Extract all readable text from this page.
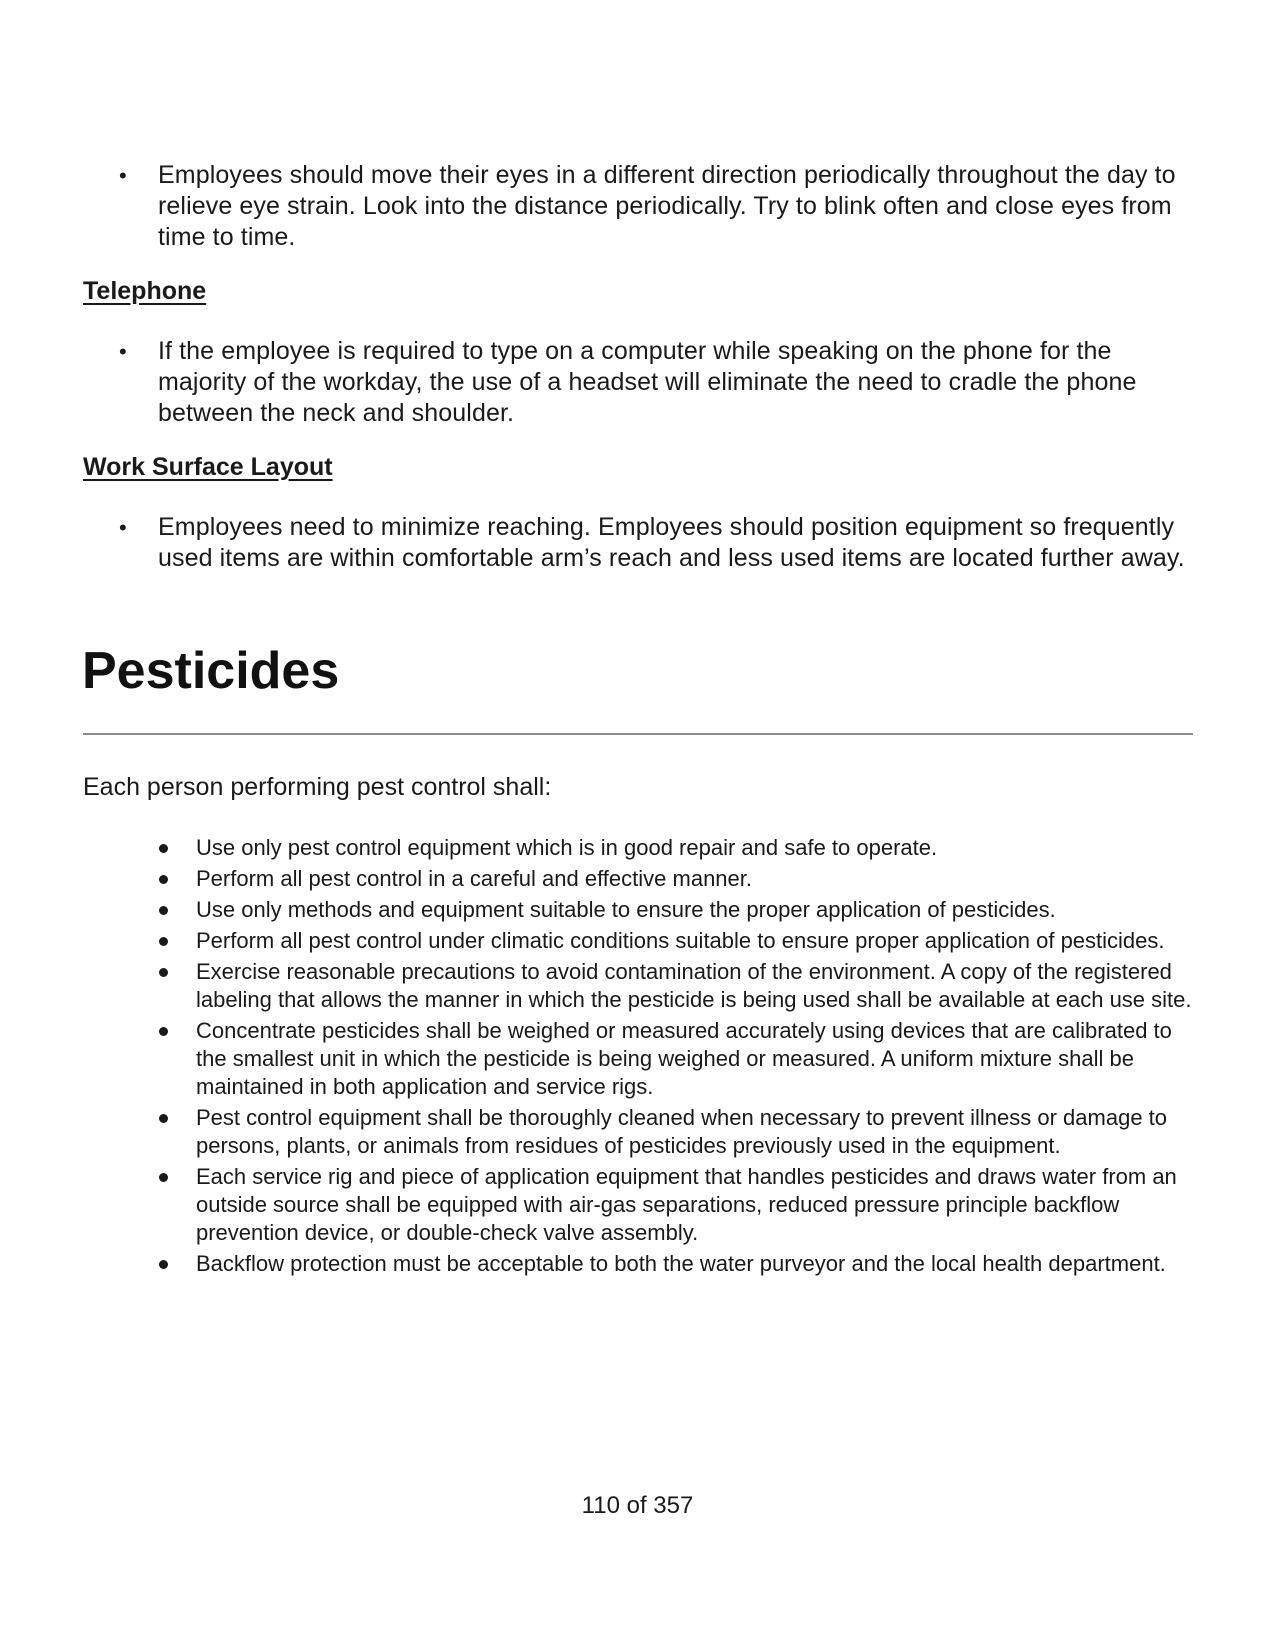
• Employees should move their eyes in a different direction periodically throughout the day to relieve eye strain. Look into the distance periodically. Try to blink often and close eyes from time to time.
Telephone
• If the employee is required to type on a computer while speaking on the phone for the majority of the workday, the use of a headset will eliminate the need to cradle the phone between the neck and shoulder.
Work Surface Layout
• Employees need to minimize reaching. Employees should position equipment so frequently used items are within comfortable arm’s reach and less used items are located further away.
Pesticides

Each person performing pest control shall:

Use only pest control equipment which is in good repair and safe to operate.
Perform all pest control in a careful and effective manner.
Use only methods and equipment suitable to ensure the proper application of pesticides.
Perform all pest control under climatic conditions suitable to ensure proper application of pesticides.
Exercise reasonable precautions to avoid contamination of the environment. A copy of the registered labeling that allows the manner in which the pesticide is being used shall be available at each use site.
Concentrate pesticides shall be weighed or measured accurately using devices that are calibrated to the smallest unit in which the pesticide is being weighed or measured. A uniform mixture shall be maintained in both application and service rigs.
Pest control equipment shall be thoroughly cleaned when necessary to prevent illness or damage to persons, plants, or animals from residues of pesticides previously used in the equipment.
Each service rig and piece of application equipment that handles pesticides and draws water from an outside source shall be equipped with air-gas separations, reduced pressure principle backflow prevention device, or double-check valve assembly.
Backflow protection must be acceptable to both the water purveyor and the local health department.
110 of 357
